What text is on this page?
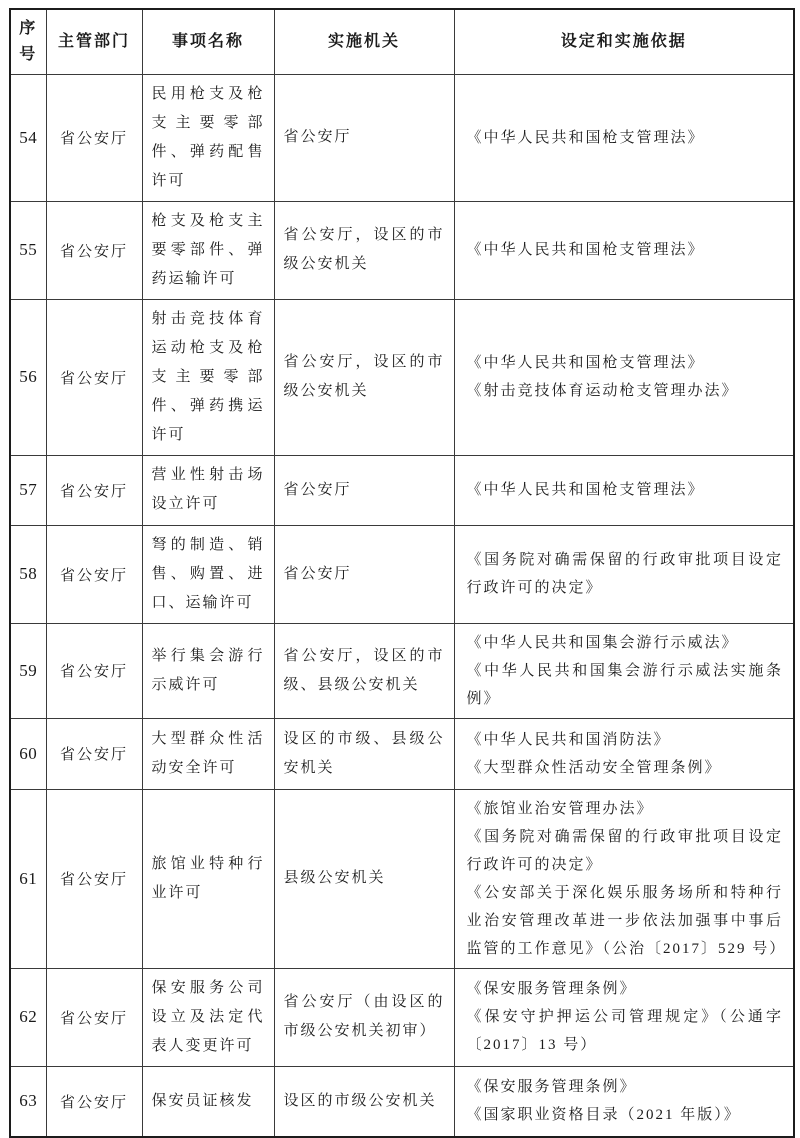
序号	主管部门	事项名称	实施机关	设定和实施依据
54	省公安厅	民用枪支及枪支主要零部件、弹药配售许可	省公安厅	《中华人民共和国枪支管理法》

55	省公安厅	枪支及枪支主要零部件、弹药运输许可	省公安厅，设区的市级公安机关	《中华人民共和国枪支管理法》

56	省公安厅	射击竞技体育运动枪支及枪支主要零部件、弹药携运许可	省公安厅，设区的市级公安机关	《中华人民共和国枪支管理法》
《射击竞技体育运动枪支管理办法》

57	省公安厅	营业性射击场设立许可	省公安厅	《中华人民共和国枪支管理法》

58	省公安厅	弩的制造、销售、购置、进口、运输许可	省公安厅	《国务院对确需保留的行政审批项目设定行政许可的决定》

59	省公安厅	举行集会游行示威许可	省公安厅，设区的市级、县级公安机关	《中华人民共和国集会游行示威法》
《中华人民共和国集会游行示威法实施条例》

60	省公安厅	大型群众性活动安全许可	设区的市级、县级公安机关	《中华人民共和国消防法》
《大型群众性活动安全管理条例》

61	省公安厅	旅馆业特种行业许可	县级公安机关	《旅馆业治安管理办法》
《国务院对确需保留的行政审批项目设定行政许可的决定》
《公安部关于深化娱乐服务场所和特种行业治安管理改革进一步依法加强事中事后监管的工作意见》（公治〔2017〕529 号）

62	省公安厅	保安服务公司设立及法定代表人变更许可	省公安厅（由设区的市级公安机关初审）	《保安服务管理条例》
《保安守护押运公司管理规定》（公通字〔2017〕13 号）

63	省公安厅	保安员证核发	设区的市级公安机关	《保安服务管理条例》
《国家职业资格目录（2021 年版）》
